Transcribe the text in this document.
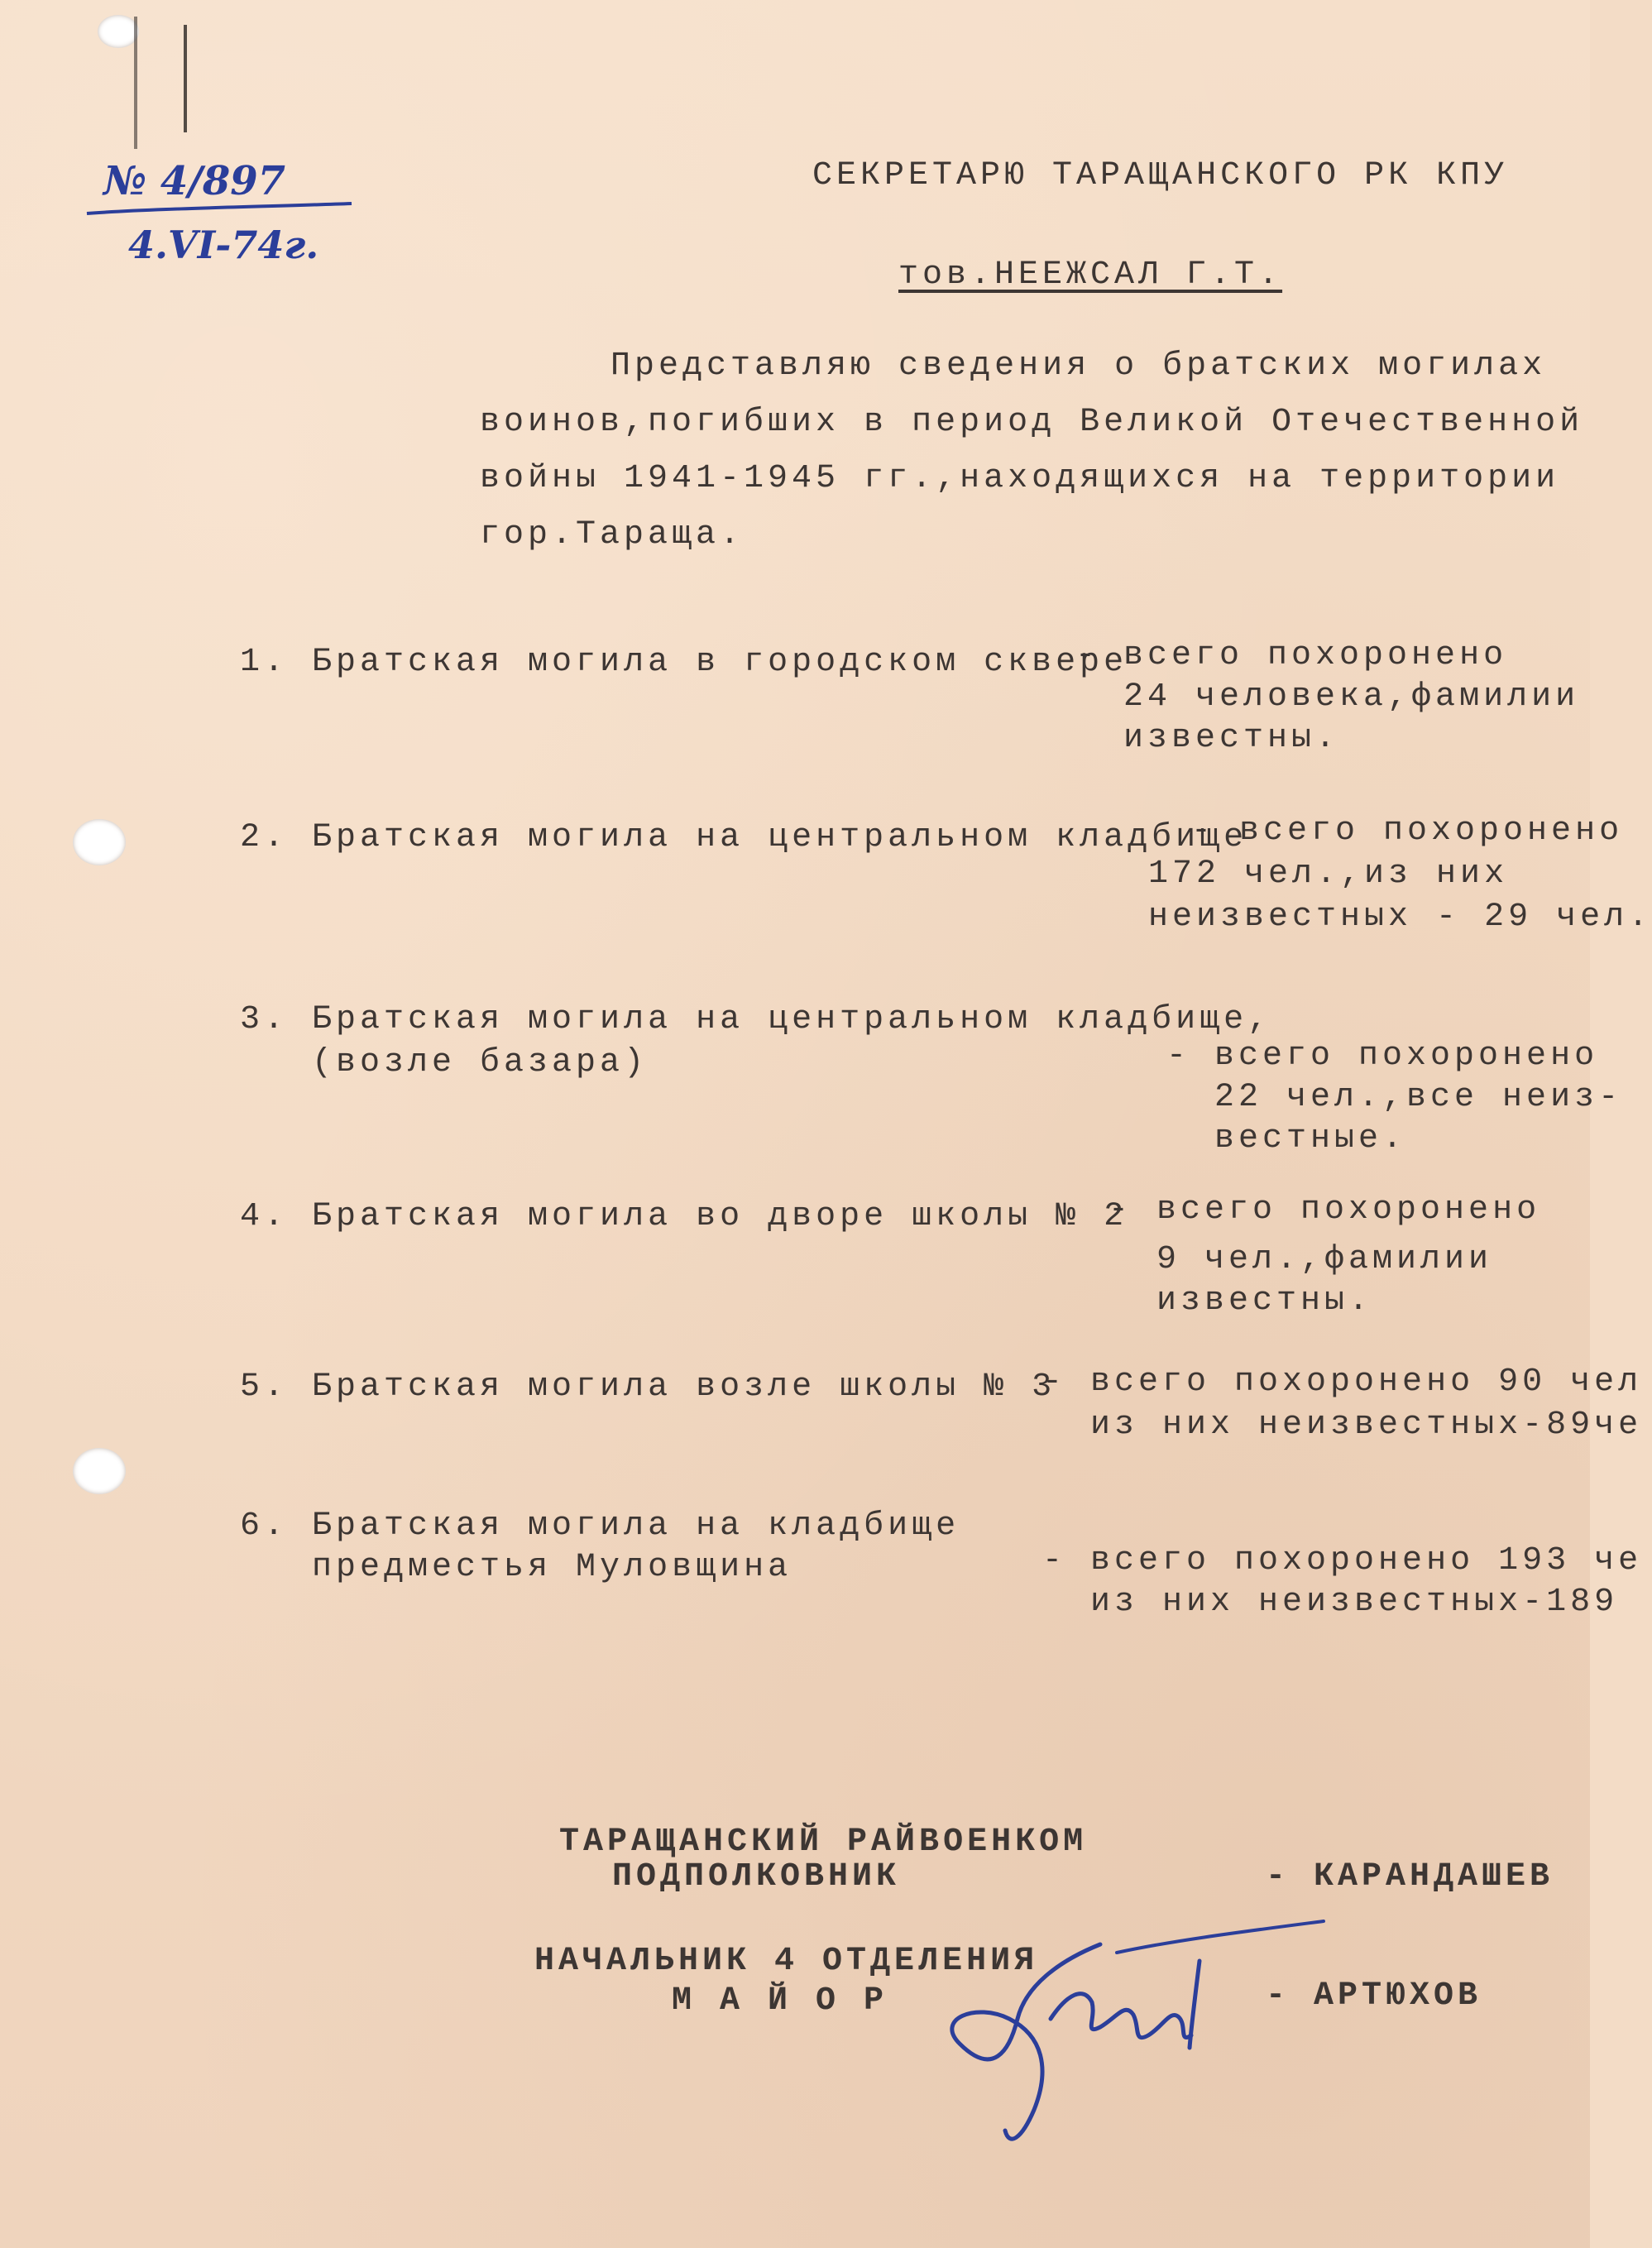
№ 4/897
4.VI-74г.
СЕКРЕТАРЮ ТАРАЩАНСКОГО РК КПУ
тов.НЕЕЖСАЛ Г.Т.
Представляю сведения о братских могилах
воинов,погибших в период Великой Отечественной
войны 1941-1945 гг.,находящихся на территории
гор.Тараща.
1. Братская могила в городском сквере
- всего похоронено
24 человека,фамилии
известны.
2. Братская могила на центральном кладбище
- всего похоронено
172 чел.,из них
неизвестных - 29 чел.
3. Братская могила на центральном кладбище,
(возле базара)	- всего похоронено
22 чел.,все неиз-
вестные.
4. Братская могила во дворе школы № 2
- всего похоронено
9 чел.,фамилии
известны.
5. Братская могила возле школы № 3
- всего похоронено 90 чел
из них неизвестных-89че
6. Братская могила на кладбище
предместья Муловщина	- всего похоронено 193 че
из них неизвестных-189
ТАРАЩАНСКИЙ РАЙВОЕНКОМ
ПОДПОЛКОВНИК	- КАРАНДАШЕВ
НАЧАЛЬНИК 4 ОТДЕЛЕНИЯ
М А Й О Р	- АРТЮХОВ
